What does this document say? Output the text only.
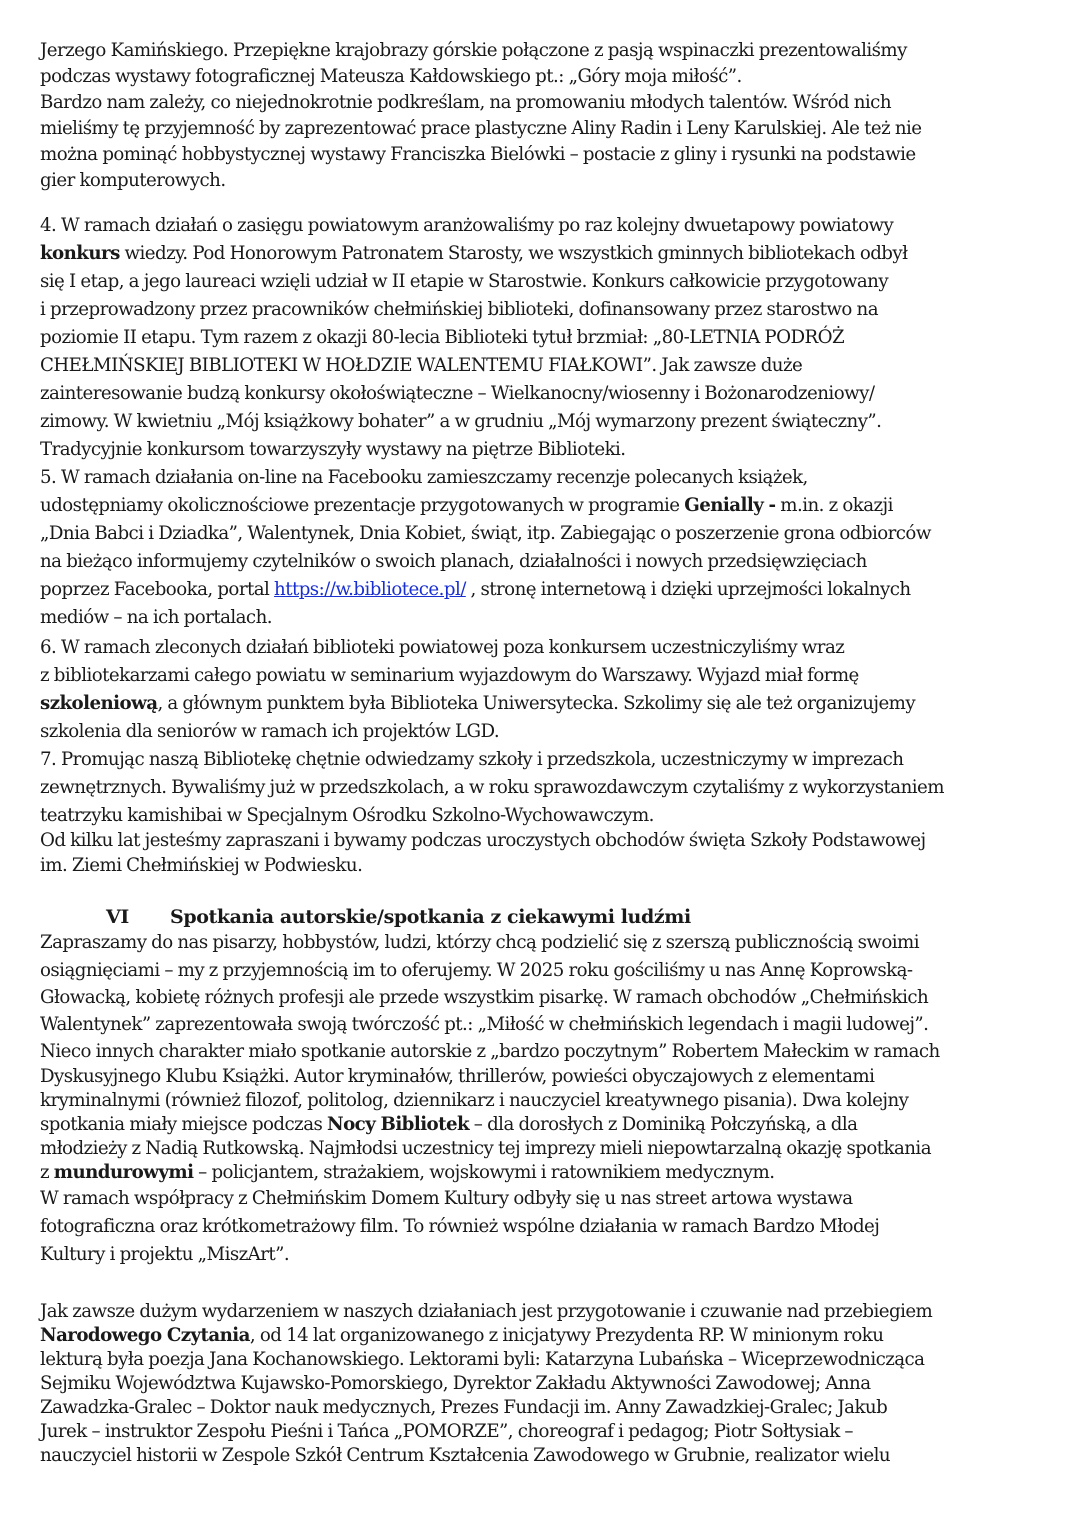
Jerzego Kamińskiego. Przepiękne krajobrazy górskie połączone z pasją wspinaczki prezentowaliśmy
podczas wystawy fotograficznej Mateusza Kałdowskiego pt.: „Góry moja miłość”.
Bardzo nam zależy, co niejednokrotnie podkreślam, na promowaniu młodych talentów. Wśród nich
mieliśmy tę przyjemność by zaprezentować prace plastyczne Aliny Radin i Leny Karulskiej. Ale też nie
można pominąć hobbystycznej wystawy Franciszka Bielówki – postacie z gliny i rysunki na podstawie
gier komputerowych.
4. W ramach działań o zasięgu powiatowym aranżowaliśmy po raz kolejny dwuetapowy powiatowy
konkurs wiedzy. Pod Honorowym Patronatem Starosty, we wszystkich gminnych bibliotekach odbył
się I etap, a jego laureaci wzięli udział w II etapie w Starostwie. Konkurs całkowicie przygotowany
i przeprowadzony przez pracowników chełmińskiej biblioteki, dofinansowany przez starostwo na
poziomie II etapu. Tym razem z okazji 80-lecia Biblioteki tytuł brzmiał: „80-LETNIA PODRÓŻ
CHEŁMIŃSKIEJ BIBLIOTEKI W HOŁDZIE WALENTEMU FIAŁKOWI”. Jak zawsze duże
zainteresowanie budzą konkursy okołoświąteczne – Wielkanocny/wiosenny i Bożonarodzeniowy/
zimowy. W kwietniu „Mój książkowy bohater” a w grudniu „Mój wymarzony prezent świąteczny”.
Tradycyjnie konkursom towarzyszyły wystawy na piętrze Biblioteki.
5. W ramach działania on-line na Facebooku zamieszczamy recenzje polecanych książek,
udostępniamy okolicznościowe prezentacje przygotowanych w programie Genially - m.in. z okazji
„Dnia Babci i Dziadka”, Walentynek, Dnia Kobiet, świąt, itp. Zabiegając o poszerzenie grona odbiorców
na bieżąco informujemy czytelników o swoich planach, działalności i nowych przedsięwzięciach
poprzez Facebooka, portal https://w.bibliotece.pl/ , stronę internetową i dzięki uprzejmości lokalnych
mediów – na ich portalach.
6. W ramach zleconych działań biblioteki powiatowej poza konkursem uczestniczyliśmy wraz
z bibliotekarzami całego powiatu w seminarium wyjazdowym do Warszawy. Wyjazd miał formę
szkoleniową, a głównym punktem była Biblioteka Uniwersytecka. Szkolimy się ale też organizujemy
szkolenia dla seniorów w ramach ich projektów LGD.
7. Promując naszą Bibliotekę chętnie odwiedzamy szkoły i przedszkola, uczestniczymy w imprezach
zewnętrznych. Bywaliśmy już w przedszkolach, a w roku sprawozdawczym czytaliśmy z wykorzystaniem
teatrzyku kamishibai w Specjalnym Ośrodku Szkolno-Wychowawczym.
Od kilku lat jesteśmy zapraszani i bywamy podczas uroczystych obchodów święta Szkoły Podstawowej
im. Ziemi Chełmińskiej w Podwiesku.
VI Spotkania autorskie/spotkania z ciekawymi ludźmi
Zapraszamy do nas pisarzy, hobbystów, ludzi, którzy chcą podzielić się z szerszą publicznością swoimi
osiągnięciami – my z przyjemnością im to oferujemy. W 2025 roku gościliśmy u nas Annę Koprowską-
Głowacką, kobietę różnych profesji ale przede wszystkim pisarkę. W ramach obchodów „Chełmińskich
Walentynek” zaprezentowała swoją twórczość pt.: „Miłość w chełmińskich legendach i magii ludowej”.
Nieco innych charakter miało spotkanie autorskie z „bardzo poczytnym” Robertem Małeckim w ramach
Dyskusyjnego Klubu Książki. Autor kryminałów, thrillerów, powieści obyczajowych z elementami
kryminalnymi (również filozof, politolog, dziennikarz i nauczyciel kreatywnego pisania). Dwa kolejny
spotkania miały miejsce podczas Nocy Bibliotek – dla dorosłych z Dominiką Połczyńską, a dla
młodzieży z Nadią Rutkowską. Najmłodsi uczestnicy tej imprezy mieli niepowtarzalną okazję spotkania
z mundurowymi – policjantem, strażakiem, wojskowymi i ratownikiem medycznym.
W ramach współpracy z Chełmińskim Domem Kultury odbyły się u nas street artowa wystawa
fotograficzna oraz krótkometrażowy film. To również wspólne działania w ramach Bardzo Młodej
Kultury i projektu „MiszArt”.
Jak zawsze dużym wydarzeniem w naszych działaniach jest przygotowanie i czuwanie nad przebiegiem
Narodowego Czytania, od 14 lat organizowanego z inicjatywy Prezydenta RP. W minionym roku
lekturą była poezja Jana Kochanowskiego. Lektorami byli: Katarzyna Lubańska – Wiceprzewodnicząca
Sejmiku Województwa Kujawsko-Pomorskiego, Dyrektor Zakładu Aktywności Zawodowej; Anna
Zawadzka-Gralec – Doktor nauk medycznych, Prezes Fundacji im. Anny Zawadzkiej-Gralec; Jakub
Jurek – instruktor Zespołu Pieśni i Tańca „POMORZE”, choreograf i pedagog; Piotr Sołtysiak –
nauczyciel historii w Zespole Szkół Centrum Kształcenia Zawodowego w Grubnie, realizator wielu
